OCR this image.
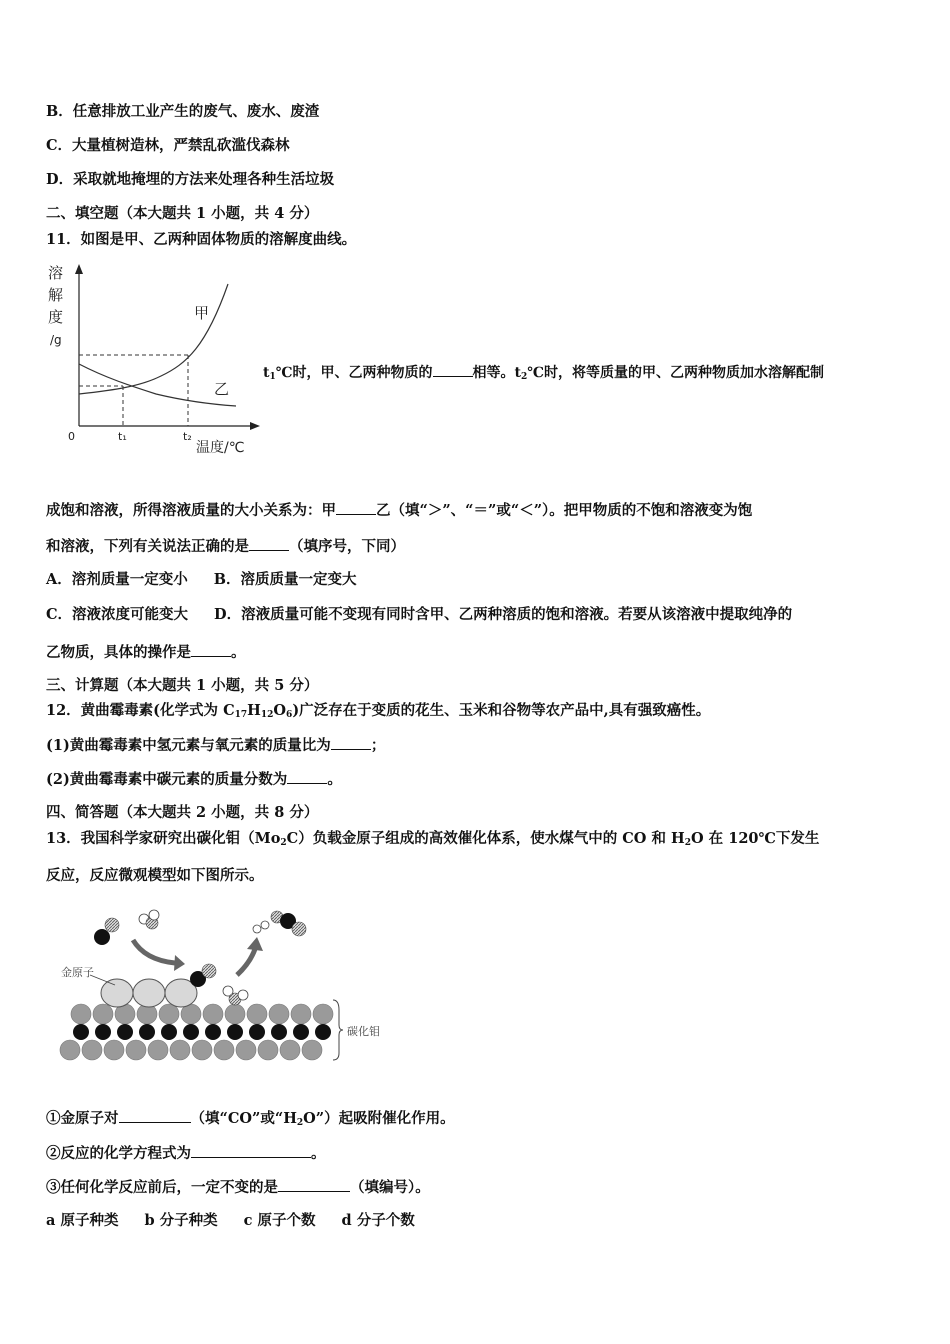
B．任意排放工业产生的废气、废水、废渣
C．大量植树造林，严禁乱砍滥伐森林
D．采取就地掩埋的方法来处理各种生活垃圾
二、填空题（本大题共 1 小题，共 4 分）
11．如图是甲、乙两种固体物质的溶解度曲线。
溶
解
度
/g
甲
乙
0	t₁	t₂
温度/℃
$t_1℃$时，甲、乙两种物质的	相等。$t_2℃$时，将等质量的甲、乙两种物质加水溶解配制
成饱和溶液，所得溶液质量的大小关系为：甲	乙（填“＞”、“＝”或“＜”）。把甲物质的不饱和溶液变为饱
和溶液，下列有关说法正确的是	（填序号，下同）
A．溶剂质量一定变小 B．溶质质量一定变大
C．溶液浓度可能变大 D．溶液质量可能不变现有同时含甲、乙两种溶质的饱和溶液。若要从该溶液中提取纯净的
乙物质，具体的操作是	。
三、计算题（本大题共 1 小题，共 5 分）
12．黄曲霉毒素(化学式为 $C_{17}H_{12}O_6$)广泛存在于变质的花生、玉米和谷物等农产品中,具有强致癌性。
(1)黄曲霉毒素中氢元素与氧元素的质量比为	；
(2)黄曲霉毒素中碳元素的质量分数为	。
四、简答题（本大题共 2 小题，共 8 分）
13．我国科学家研究出碳化钼$(Mo_2C)$负载金原子组成的高效催化体系，使水煤气中的 CO 和 $H_2O$ 在 120℃下发生
反应，反应微观模型如下图所示。
金原子
碳化钼
①金原子对	（填“CO”或“$H_2O$”）起吸附催化作用。
②反应的化学方程式为	。
③任何化学反应前后，一定不变的是	（填编号）。
a 原子种类 b 分子种类 c 原子个数 d 分子个数
